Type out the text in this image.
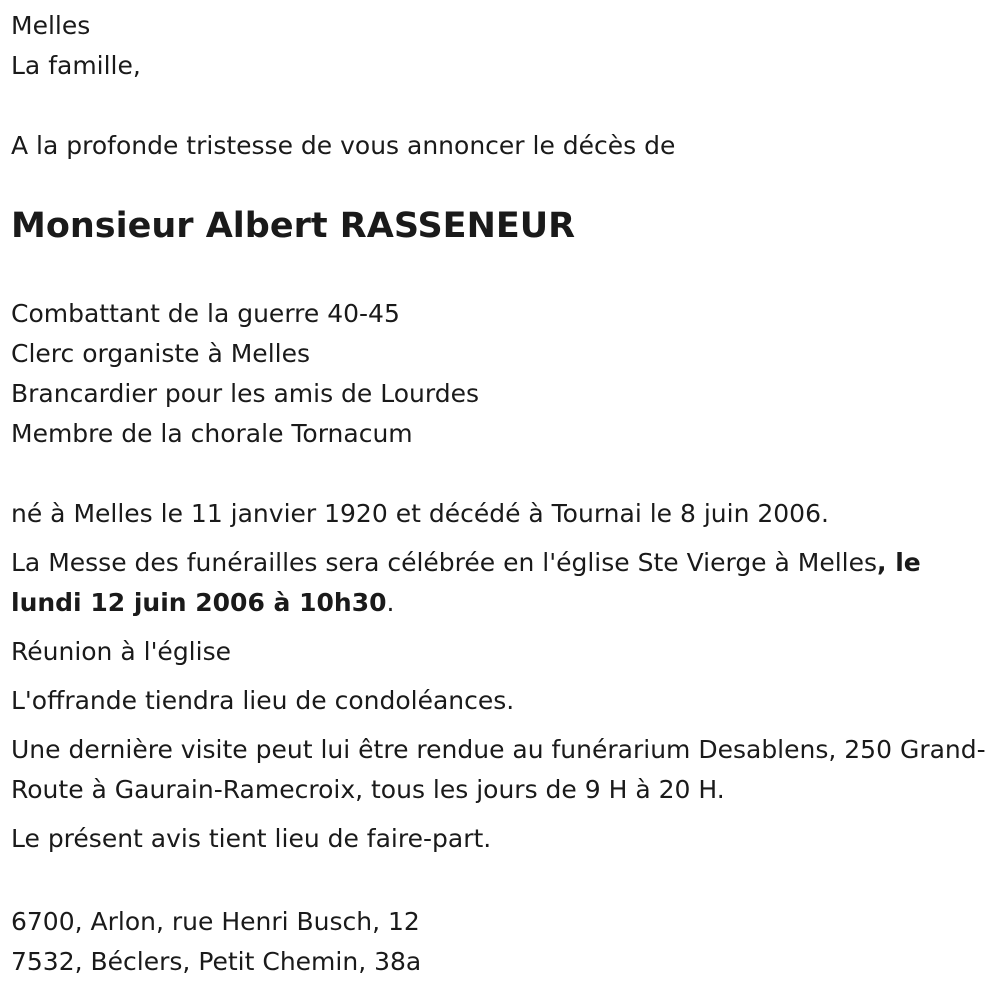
Melles

La famille,

A la profonde tristesse de vous annoncer le décès de

Monsieur Albert RASSENEUR

Combattant de la guerre 40-45

Clerc organiste à Melles

Brancardier pour les amis de Lourdes

Membre de la chorale Tornacum

né à Melles le 11 janvier 1920 et décédé à Tournai le 8 juin 2006.

La Messe des funérailles sera célébrée en l'église Ste Vierge à Melles, le lundi 12 juin 2006 à 10h30.

Réunion à l'église

L'offrande tiendra lieu de condoléances.

Une dernière visite peut lui être rendue au funérarium Desablens, 250 Grand-Route à Gaurain-Ramecroix, tous les jours de 9 H à 20 H.

Le présent avis tient lieu de faire-part.

6700, Arlon, rue Henri Busch, 12

7532, Béclers, Petit Chemin, 38a
